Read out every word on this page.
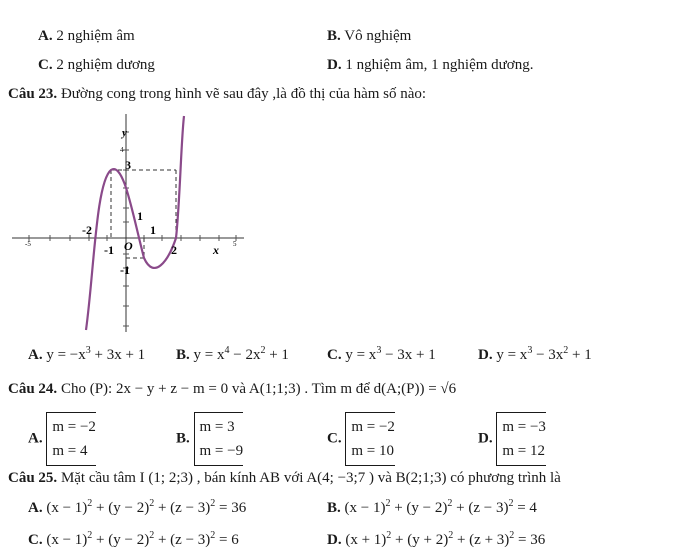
A. 2 nghiệm âm	B. Vô nghiệm
C. 2 nghiệm dương	D. 1 nghiệm âm, 1 nghiệm dương.
Câu 23. Đường cong trong hình vẽ sau đây ,là đồ thị của hàm số nào:
y
x
3
1
1
-2
-1 O	2
-1
5
-5
4
A. $y = -x^3 + 3x + 1$ B. $y = x^4 - 2x^2 + 1$	C. $y = x^3 - 3x + 1$	D. $y = x^3 - 3x^2 + 1$
Câu 24. Cho (P): 2x − y + z − m = 0 và A(1;1;3) . Tìm m để d(A;(P)) = √6
A.
m = −2
m = 4
B.
m = 3
m = −9
C.
m = −2
m = 10
D.
m = −3
m = 12
Câu 25. Mặt cầu tâm I (1; 2;3) , bán kính AB với A(4; −3;7 ) và B(2;1;3) có phương trình là
A. $(x - 1)^2 + (y - 2)^2 + (z - 3)^2 = 36$	B. $(x - 1)^2 + (y - 2)^2 + (z - 3)^2 = 4$
C. $(x - 1)^2 + (y - 2)^2 + (z - 3)^2 = 6$	D. $(x + 1)^2 + (y + 2)^2 + (z + 3)^2 = 36$
